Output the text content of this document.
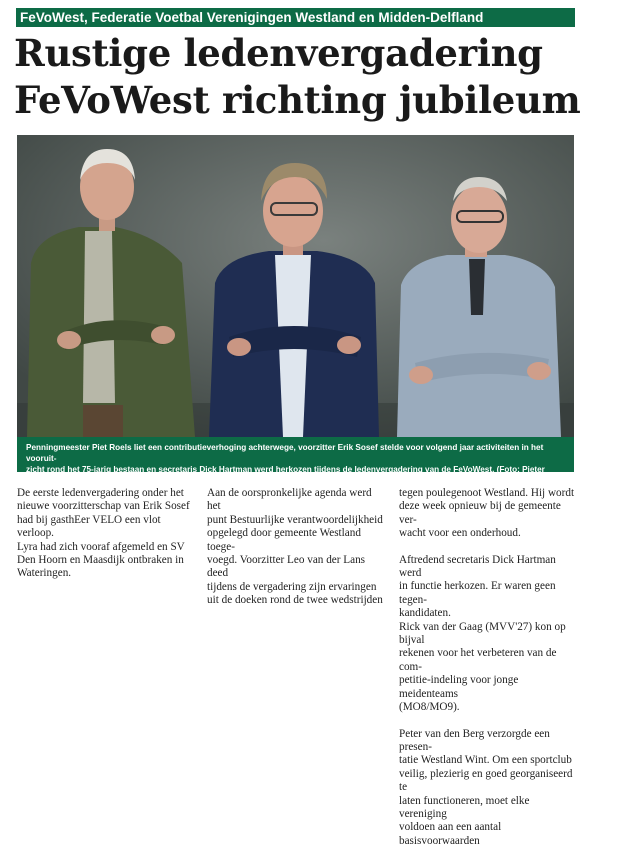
FeVoWest, Federatie Voetbal Verenigingen Westland en Midden-Delfland
Rustige ledenvergadering
FeVoWest richting jubileum
Penningmeester Piet Roels liet een contributieverhoging achterwege, voorzitter Erik Sosef stelde voor volgend jaar activiteiten in het vooruit-
zicht rond het 75-jarig bestaan en secretaris Dick Hartman werd herkozen tijdens de ledenvergadering van de FeVoWest. (Foto: Pieter Vermeer)

De eerste ledenvergadering onder het
nieuwe voorzitterschap van Erik Sosef
had bij gasthEer VELO een vlot verloop.
Lyra had zich vooraf afgemeld en SV
Den Hoorn en Maasdijk ontbraken in
Wateringen.

Aan de oorspronkelijke agenda werd het
punt Bestuurlijke verantwoordelijkheid
opgelegd door gemeente Westland toege-
voegd. Voorzitter Leo van der Lans deed
tijdens de vergadering zijn ervaringen
uit de doeken rond de twee wedstrijden

tegen poulegenoot Westland. Hij wordt
deze week opnieuw bij de gemeente ver-
wacht voor een onderhoud.

Aftredend secretaris Dick Hartman werd
in functie herkozen. Er waren geen tegen-
kandidaten.
Rick van der Gaag (MVV'27) kon op bijval
rekenen voor het verbeteren van de com-
petitie-indeling voor jonge meidenteams
(MO8/MO9).

Peter van den Berg verzorgde een presen-
tatie Westland Wint. Om een sportclub
veilig, plezierig en goed georganiseerd te
laten functioneren, moet elke vereniging
voldoen aan een aantal basisvoorwaarden
